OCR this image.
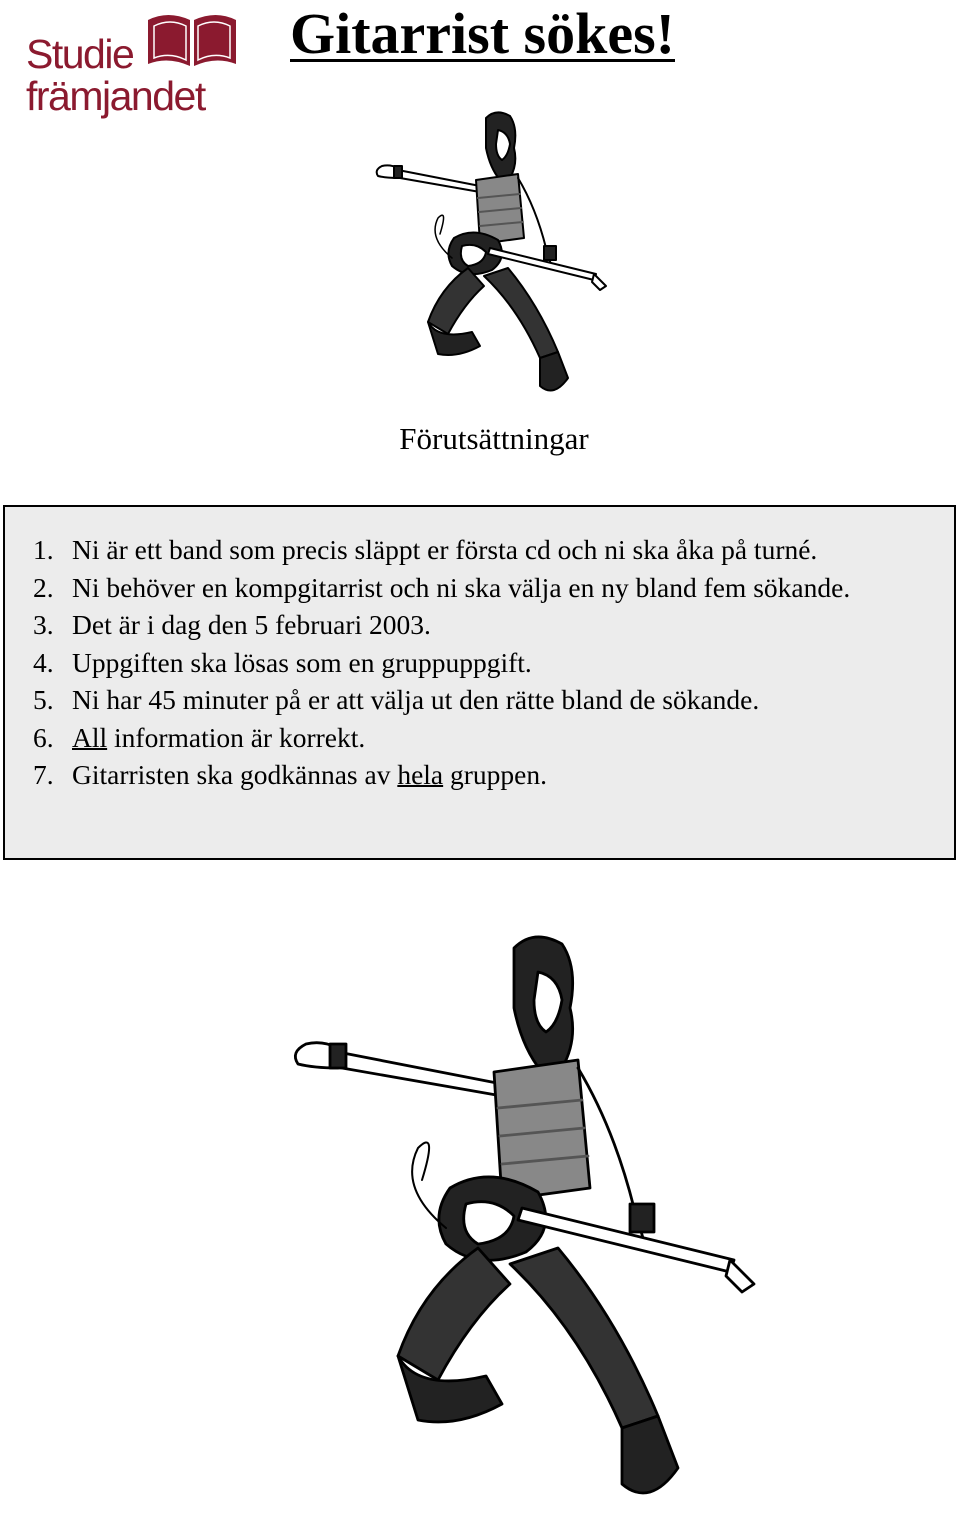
Studie
främjandet
Gitarrist sökes!
Förutsättningar
1. Ni är ett band som precis släppt er första cd och ni ska åka på turné.
2. Ni behöver en kompgitarrist och ni ska välja en ny bland fem sökande.
3. Det är i dag den 5 februari 2003.
4. Uppgiften ska lösas som en gruppuppgift.
5. Ni har 45 minuter på er att välja ut den rätte bland de sökande.
6. All information är korrekt.
7. Gitarristen ska godkännas av hela gruppen.
